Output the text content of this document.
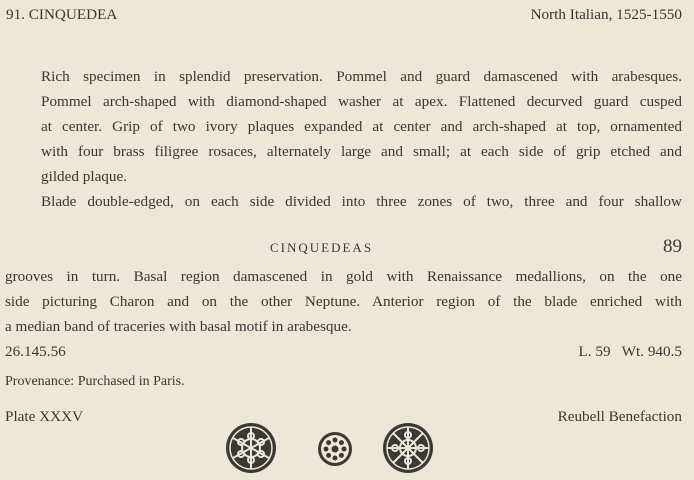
91. CINQUEDEA	North Italian, 1525-1550
Rich specimen in splendid preservation. Pommel and guard damascened with arabesques.
Pommel arch-shaped with diamond-shaped washer at apex. Flattened decurved guard cusped
at center. Grip of two ivory plaques expanded at center and arch-shaped at top, ornamented
with four brass filigree rosaces, alternately large and small; at each side of grip etched and
gilded plaque.
Blade double-edged, on each side divided into three zones of two, three and four shallow
CINQUEDEAS	89
grooves in turn. Basal region damascened in gold with Renaissance medallions, on the one
side picturing Charon and on the other Neptune. Anterior region of the blade enriched with
a median band of traceries with basal motif in arabesque.
26.145.56	L. 59   Wt. 940.5
Provenance: Purchased in Paris.
Plate XXXV	Reubell Benefaction
